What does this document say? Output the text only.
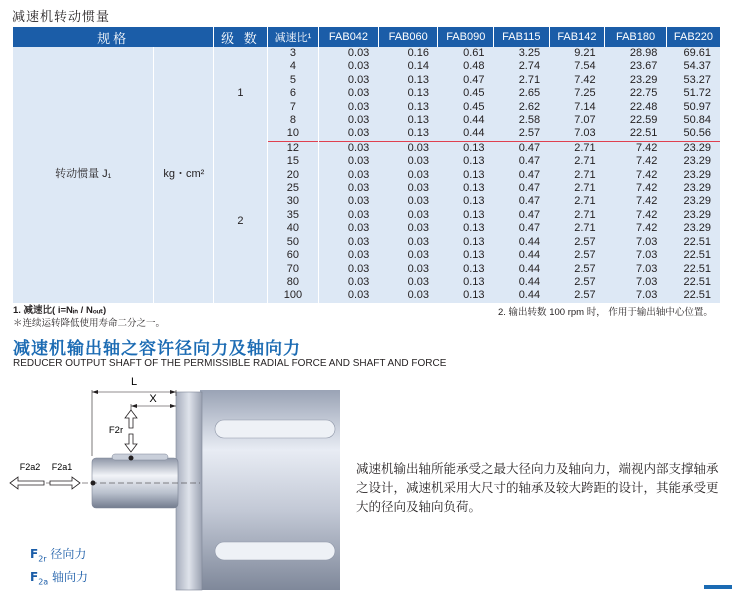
减速机转动惯量
规格		级 数	减速比¹	FAB042	FAB060	FAB090	FAB115	FAB142	FAB180	FAB220
转动惯量 J₁	kg・cm²	1	3	0.03	0.16	0.61	3.25	9.21	28.98	69.61
			4	0.03	0.14	0.48	2.74	7.54	23.67	54.37
			5	0.03	0.13	0.47	2.71	7.42	23.29	53.27
			6	0.03	0.13	0.45	2.65	7.25	22.75	51.72
			7	0.03	0.13	0.45	2.62	7.14	22.48	50.97
			8	0.03	0.13	0.44	2.58	7.07	22.59	50.84
			10	0.03	0.13	0.44	2.57	7.03	22.51	50.56
		2	12	0.03	0.03	0.13	0.47	2.71	7.42	23.29
			15	0.03	0.03	0.13	0.47	2.71	7.42	23.29
			20	0.03	0.03	0.13	0.47	2.71	7.42	23.29
			25	0.03	0.03	0.13	0.47	2.71	7.42	23.29
			30	0.03	0.03	0.13	0.47	2.71	7.42	23.29
			35	0.03	0.03	0.13	0.47	2.71	7.42	23.29
			40	0.03	0.03	0.13	0.47	2.71	7.42	23.29
			50	0.03	0.03	0.13	0.44	2.57	7.03	22.51
			60	0.03	0.03	0.13	0.44	2.57	7.03	22.51
			70	0.03	0.03	0.13	0.44	2.57	7.03	22.51
			80	0.03	0.03	0.13	0.44	2.57	7.03	22.51
			100	0.03	0.03	0.13	0.44	2.57	7.03	22.51
1. 减速比( i=Nᵢₙ / Nₒᵤₜ)
＊连续运转降低使用寿命二分之一。
2. 输出转数 100 rpm 时， 作用于输出轴中心位置。
减速机输出轴之容许径向力及轴向力
REDUCER OUTPUT SHAFT OF THE PERMISSIBLE RADIAL FORCE AND SHAFT AND FORCE
L
X
F2r
F2a2 F2a1	减速机输出轴所能承受之最大径向力及轴向力，端视内部支撑轴承之设计，减速机采用大尺寸的轴承及较大跨距的设计，其能承受更大的径向及轴向负荷。
$F_{2r}$ 径向力
$F_{2a}$ 轴向力
